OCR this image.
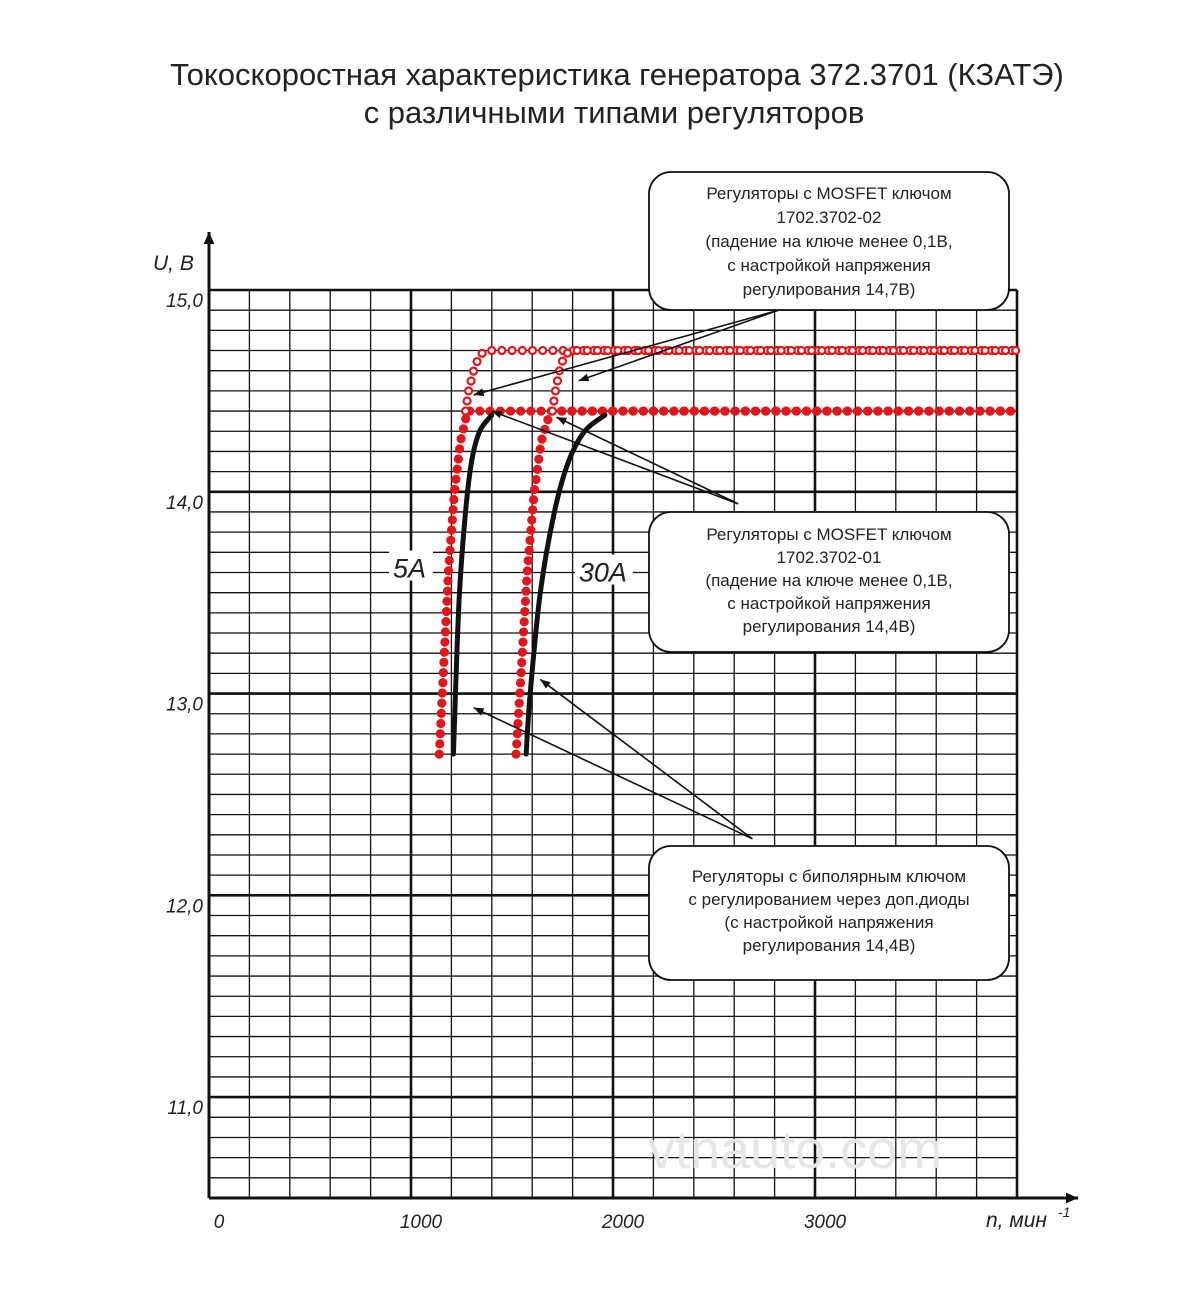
Токоскоростная характеристика генератора 372.3701 (КЗАТЭ)
с различными типами регуляторов
11,0
12,0
13,0
14,0
15,0
0	1000	2000	3000
U, В
n, мин -1
vtnauto.com
Регуляторы с MOSFET ключом
1702.3702-02
(падение на ключе менее 0,1В,
с настройкой напряжения
регулирования 14,7В)
Регуляторы с MOSFET ключом
1702.3702-01
(падение на ключе менее 0,1В,
с настройкой напряжения
регулирования 14,4В)
Регуляторы с биполярным ключом
с регулированием через доп.диоды
(с настройкой напряжения
регулирования 14,4В)
5A	30A
